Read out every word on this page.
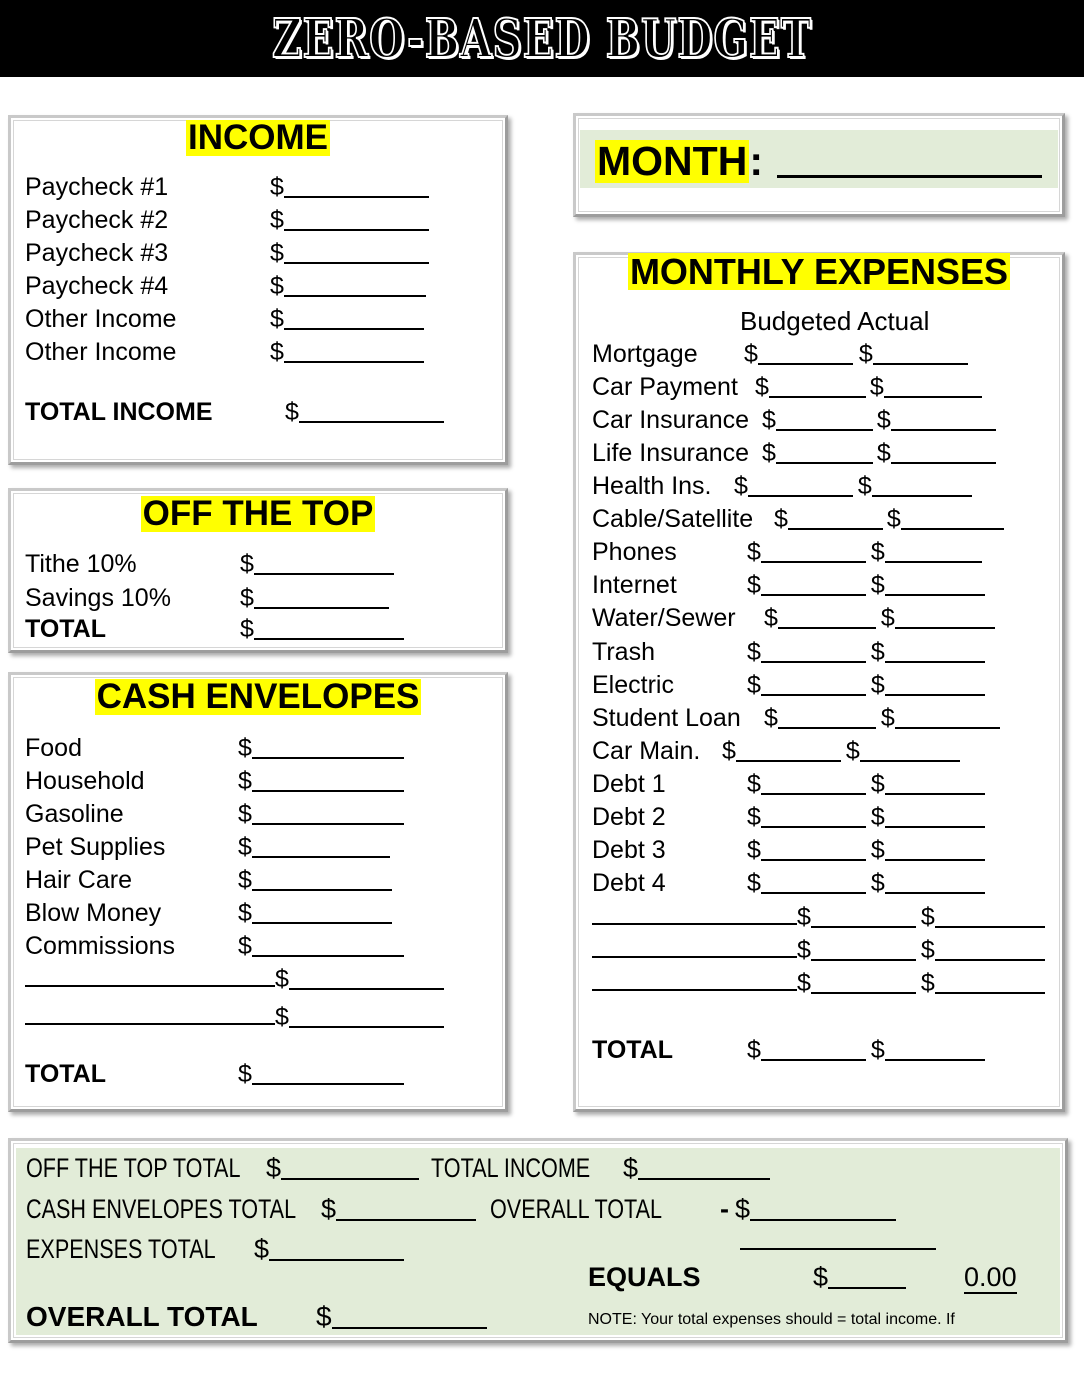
ZERO-BASED BUDGET
INCOME
Paycheck #1	$
Paycheck #2	$
Paycheck #3	$
Paycheck #4	$
Other Income	$
Other Income	$
TOTAL INCOME	$
OFF THE TOP
Tithe 10%	$
Savings 10%	$
TOTAL	$
CASH ENVELOPES
Food	$
Household	$
Gasoline	$
Pet Supplies	$
Hair Care	$
Blow Money	$
Commissions	$
$
$
TOTAL	$
MONTH:
MONTHLY EXPENSES
Budgeted Actual
Mortgage $	$
Car Payment $	$
Car Insurance $	$
Life Insurance $	$
Health Ins. $	$
Cable/Satellite $	$
Phones	$	$
Internet	$	$
Water/Sewer $	$
Trash	$	$
Electric	$	$
Student Loan $	$
Car Main. $	$
Debt 1	$	$
Debt 2	$	$
Debt 3	$	$
Debt 4	$	$
$	$
$	$
$	$
TOTAL	$	$
OFF THE TOP TOTAL $	TOTAL INCOME $
CASH ENVELOPES TOTAL $	OVERALL TOTAL - $
EXPENSES TOTAL $
EQUALS	$	0.00
NOTE: Your total expenses should = total income. If
OVERALL TOTAL $
